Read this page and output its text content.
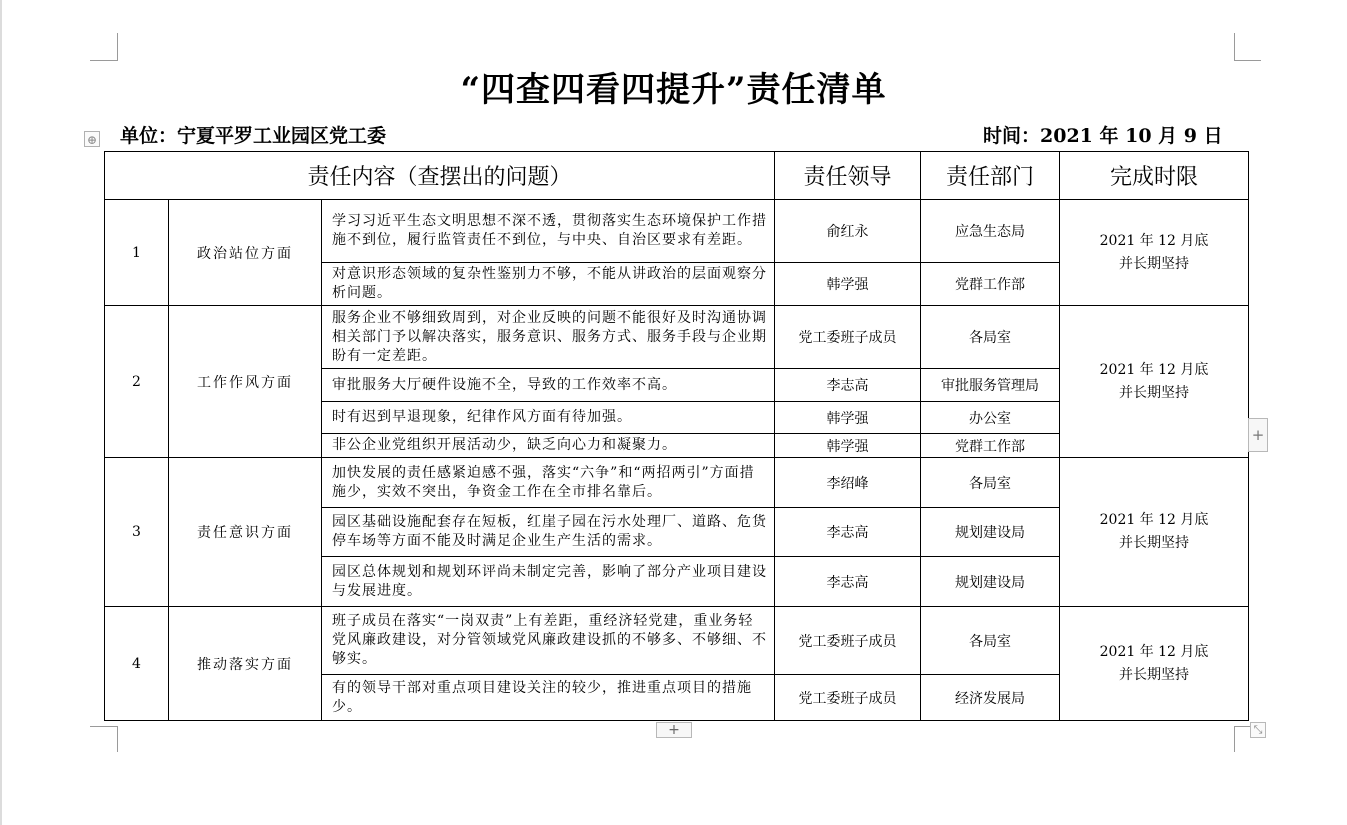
“四查四看四提升”责任清单
单位：宁夏平罗工业园区党工委	时间：2021 年 10 月 9 日
⊕
责任内容（查摆出的问题）			责任领导	责任部门	完成时限
1	政治站位方面	学习习近平生态文明思想不深不透，贯彻落实生态环境保护工作措施不到位，履行监管责任不到位，与中央、自治区要求有差距。	俞红永	应急生态局	2021 年 12 月底
并长期坚持

		对意识形态领域的复杂性鉴别力不够，不能从讲政治的层面观察分析问题。	韩学强	党群工作部	
2	工作作风方面	服务企业不够细致周到，对企业反映的问题不能很好及时沟通协调相关部门予以解决落实，服务意识、服务方式、服务手段与企业期盼有一定差距。	党工委班子成员	各局室	2021 年 12 月底
并长期坚持

		审批服务大厅硬件设施不全，导致的工作效率不高。	李志高	审批服务管理局	
		时有迟到早退现象，纪律作风方面有待加强。	韩学强	办公室	
		非公企业党组织开展活动少，缺乏向心力和凝聚力。	韩学强	党群工作部	
3	责任意识方面	加快发展的责任感紧迫感不强，落实“六争”和“两招两引”方面措施少，实效不突出，争资金工作在全市排名靠后。	李绍峰	各局室	2021 年 12 月底
并长期坚持

		园区基础设施配套存在短板，红崖子园在污水处理厂、道路、危货停车场等方面不能及时满足企业生产生活的需求。	李志高	规划建设局	
		园区总体规划和规划环评尚未制定完善，影响了部分产业项目建设与发展进度。	李志高	规划建设局	
4	推动落实方面	班子成员在落实“一岗双责”上有差距，重经济轻党建，重业务轻党风廉政建设，对分管领域党风廉政建设抓的不够多、不够细、不够实。	党工委班子成员	各局室	2021 年 12 月底
并长期坚持

		有的领导干部对重点项目建设关注的较少，推进重点项目的措施少。	党工委班子成员	经济发展局	
+
+	⤡
